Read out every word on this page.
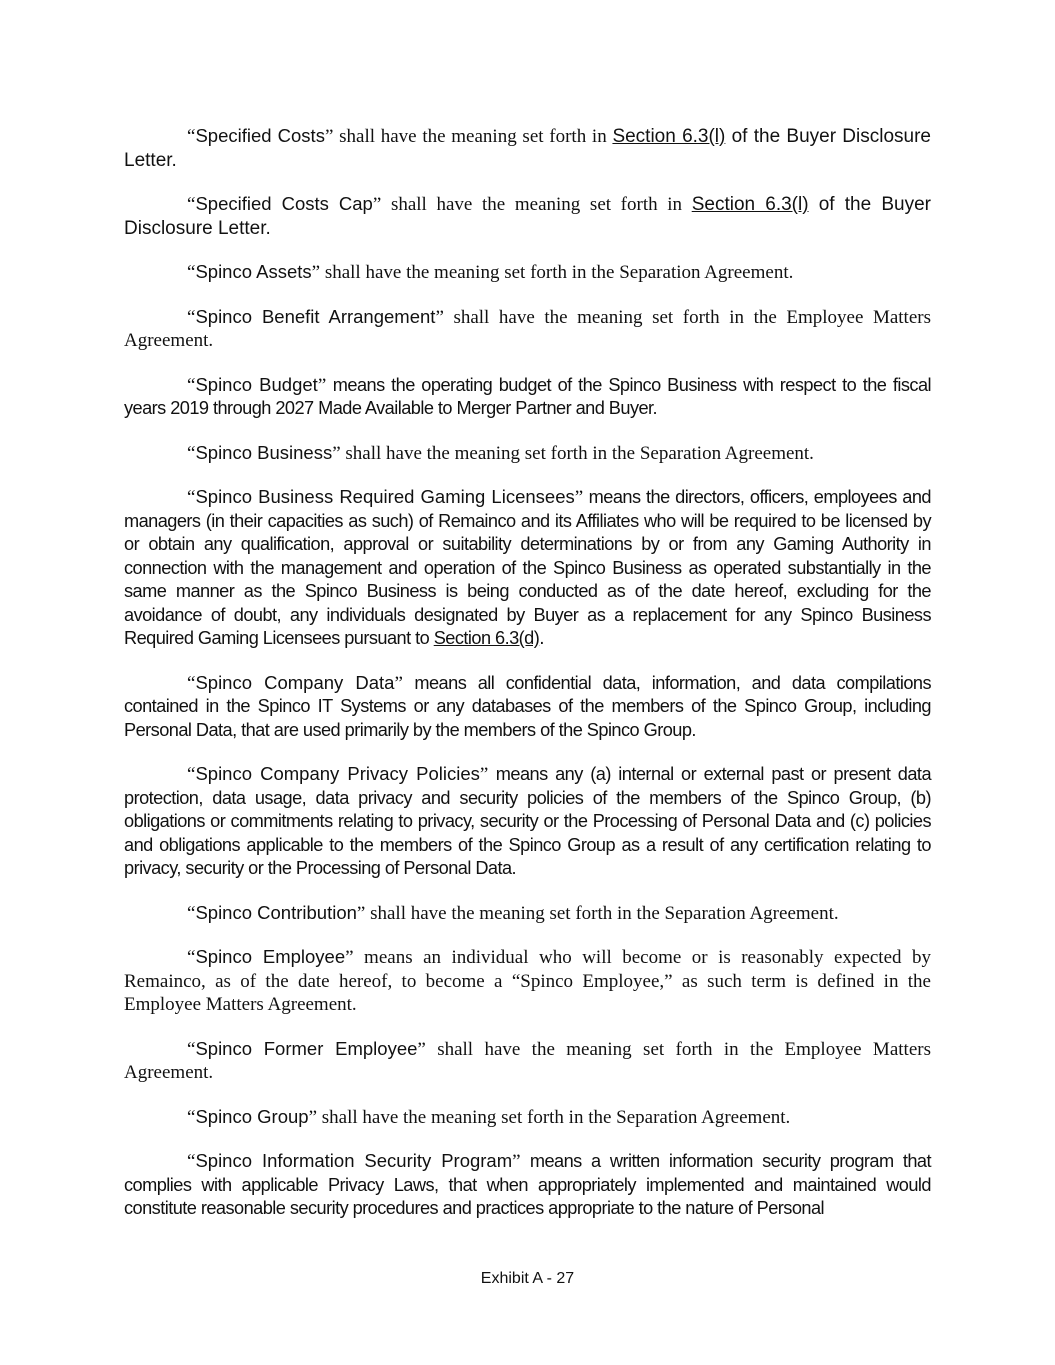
“Specified Costs” shall have the meaning set forth in Section 6.3(l) of the Buyer Disclosure Letter.

“Specified Costs Cap” shall have the meaning set forth in Section 6.3(l) of the Buyer Disclosure Letter.

“Spinco Assets” shall have the meaning set forth in the Separation Agreement.

“Spinco Benefit Arrangement” shall have the meaning set forth in the Employee Matters Agreement.

“Spinco Budget” means the operating budget of the Spinco Business with respect to the fiscal years 2019 through 2027 Made Available to Merger Partner and Buyer.

“Spinco Business” shall have the meaning set forth in the Separation Agreement.

“Spinco Business Required Gaming Licensees” means the directors, officers, employees and managers (in their capacities as such) of Remainco and its Affiliates who will be required to be licensed by or obtain any qualification, approval or suitability determinations by or from any Gaming Authority in connection with the management and operation of the Spinco Business as operated substantially in the same manner as the Spinco Business is being conducted as of the date hereof, excluding for the avoidance of doubt, any individuals designated by Buyer as a replacement for any Spinco Business Required Gaming Licensees pursuant to Section 6.3(d).

“Spinco Company Data” means all confidential data, information, and data compilations contained in the Spinco IT Systems or any databases of the members of the Spinco Group, including Personal Data, that are used primarily by the members of the Spinco Group.

“Spinco Company Privacy Policies” means any (a) internal or external past or present data protection, data usage, data privacy and security policies of the members of the Spinco Group, (b) obligations or commitments relating to privacy, security or the Processing of Personal Data and (c) policies and obligations applicable to the members of the Spinco Group as a result of any certification relating to privacy, security or the Processing of Personal Data.

“Spinco Contribution” shall have the meaning set forth in the Separation Agreement.

“Spinco Employee” means an individual who will become or is reasonably expected by Remainco, as of the date hereof, to become a “Spinco Employee,” as such term is defined in the Employee Matters Agreement.

“Spinco Former Employee” shall have the meaning set forth in the Employee Matters Agreement.

“Spinco Group” shall have the meaning set forth in the Separation Agreement.

“Spinco Information Security Program” means a written information security program that complies with applicable Privacy Laws, that when appropriately implemented and maintained would constitute reasonable security procedures and practices appropriate to the nature of Personal

Exhibit A - 27
